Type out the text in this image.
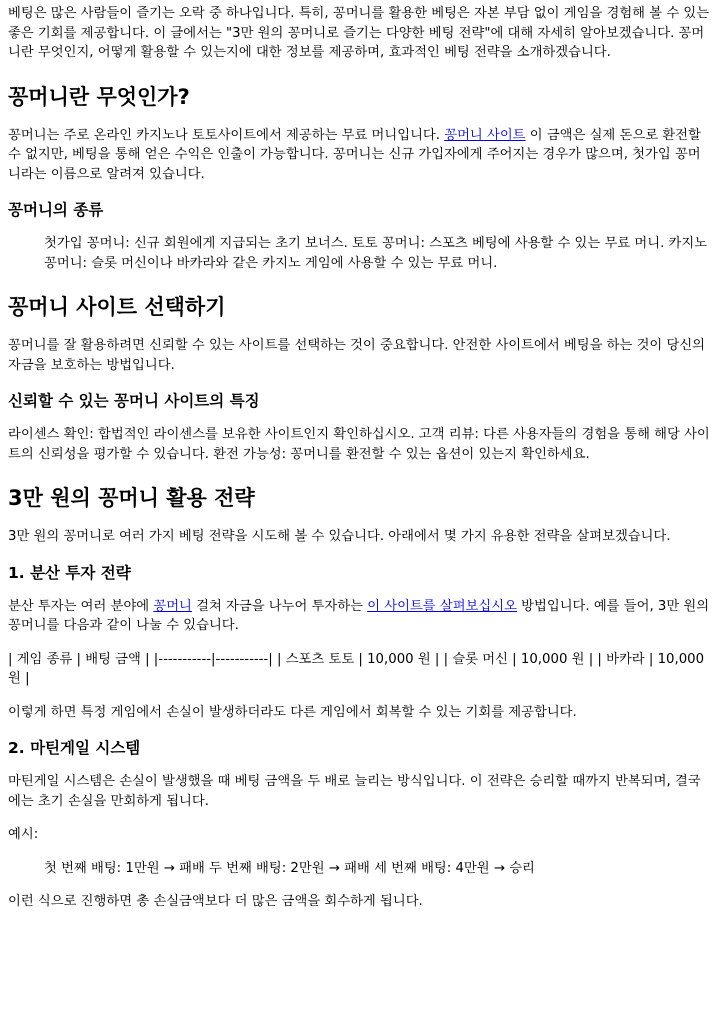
베팅은 많은 사람들이 즐기는 오락 중 하나입니다. 특히, 꽁머니를 활용한 베팅은 자본 부담 없이 게임을 경험해 볼 수 있는 좋은 기회를 제공합니다. 이 글에서는 "3만 원의 꽁머니로 즐기는 다양한 베팅 전략"에 대해 자세히 알아보겠습니다. 꽁머니란 무엇인지, 어떻게 활용할 수 있는지에 대한 정보를 제공하며, 효과적인 베팅 전략을 소개하겠습니다.

꽁머니란 무엇인가?

꽁머니는 주로 온라인 카지노나 토토사이트에서 제공하는 무료 머니입니다. 꽁머니 사이트 이 금액은 실제 돈으로 환전할 수 없지만, 베팅을 통해 얻은 수익은 인출이 가능합니다. 꽁머니는 신규 가입자에게 주어지는 경우가 많으며, 첫가입 꽁머니라는 이름으로 알려져 있습니다.

꽁머니의 종류
첫가입 꽁머니: 신규 회원에게 지급되는 초기 보너스. 토토 꽁머니: 스포츠 베팅에 사용할 수 있는 무료 머니. 카지노 꽁머니: 슬롯 머신이나 바카라와 같은 카지노 게임에 사용할 수 있는 무료 머니.
꽁머니 사이트 선택하기

꽁머니를 잘 활용하려면 신뢰할 수 있는 사이트를 선택하는 것이 중요합니다. 안전한 사이트에서 베팅을 하는 것이 당신의 자금을 보호하는 방법입니다.

신뢰할 수 있는 꽁머니 사이트의 특징

라이센스 확인: 합법적인 라이센스를 보유한 사이트인지 확인하십시오. 고객 리뷰: 다른 사용자들의 경험을 통해 해당 사이트의 신뢰성을 평가할 수 있습니다. 환전 가능성: 꽁머니를 환전할 수 있는 옵션이 있는지 확인하세요.

3만 원의 꽁머니 활용 전략

3만 원의 꽁머니로 여러 가지 베팅 전략을 시도해 볼 수 있습니다. 아래에서 몇 가지 유용한 전략을 살펴보겠습니다.

1. 분산 투자 전략

분산 투자는 여러 분야에 꽁머니 걸쳐 자금을 나누어 투자하는 이 사이트를 살펴보십시오 방법입니다. 예를 들어, 3만 원의 꽁머니를 다음과 같이 나눌 수 있습니다.

| 게임 종류 | 배팅 금액 | |-----------|-----------| | 스포츠 토토 | 10,000 원 | | 슬롯 머신 | 10,000 원 | | 바카라 | 10,000 원 |

이렇게 하면 특정 게임에서 손실이 발생하더라도 다른 게임에서 회복할 수 있는 기회를 제공합니다.

2. 마틴게일 시스템

마틴게일 시스템은 손실이 발생했을 때 베팅 금액을 두 배로 늘리는 방식입니다. 이 전략은 승리할 때까지 반복되며, 결국에는 초기 손실을 만회하게 됩니다.

예시:

첫 번째 배팅: 1만원 → 패배 두 번째 배팅: 2만원 → 패배 세 번째 배팅: 4만원 → 승리

이런 식으로 진행하면 총 손실금액보다 더 많은 금액을 회수하게 됩니다.
